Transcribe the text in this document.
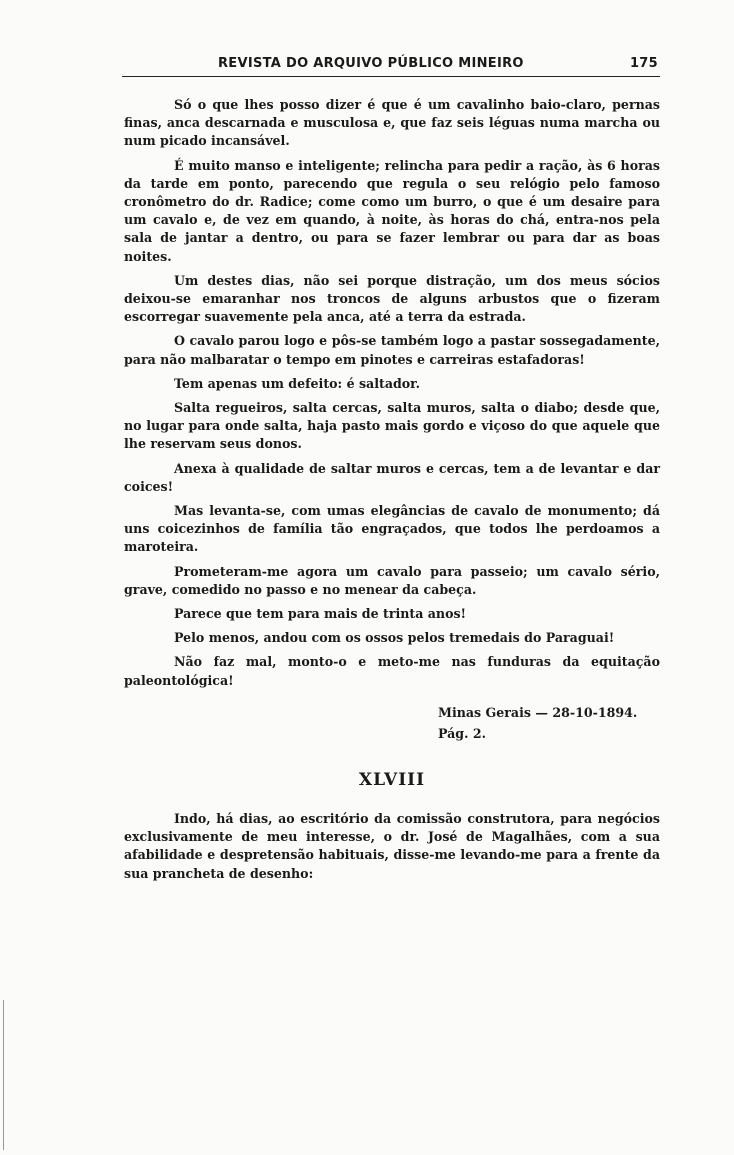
REVISTA DO ARQUIVO PÚBLICO MINEIRO	175

Só o que lhes posso dizer é que é um cavalinho baio-claro, pernas finas, anca descarnada e musculosa e, que faz seis léguas numa marcha ou num picado incansável.

É muito manso e inteligente; relincha para pedir a ração, às 6 horas da tarde em ponto, parecendo que regula o seu relógio pelo famoso cronômetro do dr. Radice; come como um burro, o que é um desaire para um cavalo e, de vez em quando, à noite, às horas do chá, entra-nos pela sala de jantar a dentro, ou para se fazer lembrar ou para dar as boas noites.

Um destes dias, não sei porque distração, um dos meus sócios deixou-se emaranhar nos troncos de alguns arbustos que o fizeram escorregar suavemente pela anca, até a terra da estrada.

O cavalo parou logo e pôs-se também logo a pastar sossegadamente, para não malbaratar o tempo em pinotes e carreiras estafadoras!

Tem apenas um defeito: é saltador.

Salta regueiros, salta cercas, salta muros, salta o diabo; desde que, no lugar para onde salta, haja pasto mais gordo e viçoso do que aquele que lhe reservam seus donos.

Anexa à qualidade de saltar muros e cercas, tem a de levantar e dar coices!

Mas levanta-se, com umas elegâncias de cavalo de monumento; dá uns coicezinhos de família tão engraçados, que todos lhe perdoamos a maroteira.

Prometeram-me agora um cavalo para passeio; um cavalo sério, grave, comedido no passo e no menear da cabeça.

Parece que tem para mais de trinta anos!

Pelo menos, andou com os ossos pelos tremedais do Paraguai!

Não faz mal, monto-o e meto-me nas funduras da equitação paleontológica!

Minas Gerais — 28-10-1894.
Pág. 2.
XLVIII

Indo, há dias, ao escritório da comissão construtora, para negócios exclusivamente de meu interesse, o dr. José de Magalhães, com a sua afabilidade e despretensão habituais, disse-me levando-me para a frente da sua prancheta de desenho:
